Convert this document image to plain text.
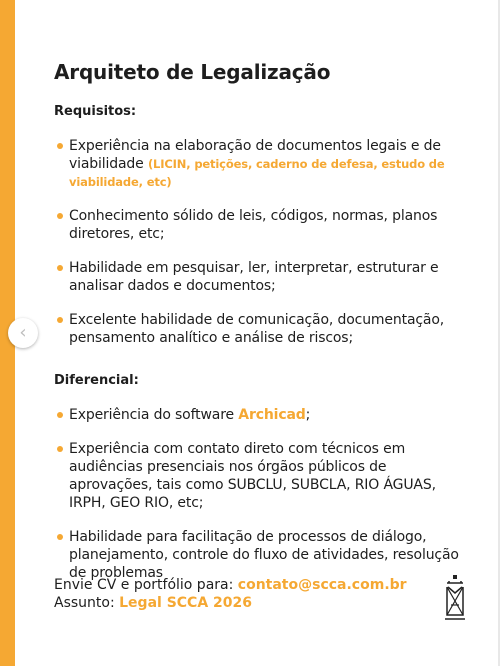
‹
Arquiteto de Legalização
Requisitos:
Experiência na elaboração de documentos legais e de viabilidade (LICIN, petições, caderno de defesa, estudo de viabilidade, etc)
Conhecimento sólido de leis, códigos, normas, planos diretores, etc;
Habilidade em pesquisar, ler, interpretar, estruturar e analisar dados e documentos;
Excelente habilidade de comunicação, documentação, pensamento analítico e análise de riscos;
Diferencial:
Experiência do software Archicad;
Experiência com contato direto com técnicos em audiências presenciais nos órgãos públicos de aprovações, tais como SUBCLU, SUBCLA, RIO ÁGUAS, IRPH, GEO RIO, etc;
Habilidade para facilitação de processos de diálogo, planejamento, controle do fluxo de atividades, resolução de problemas
Envie CV e portfólio para: contato@scca.com.br
Assunto: Legal SCCA 2026
